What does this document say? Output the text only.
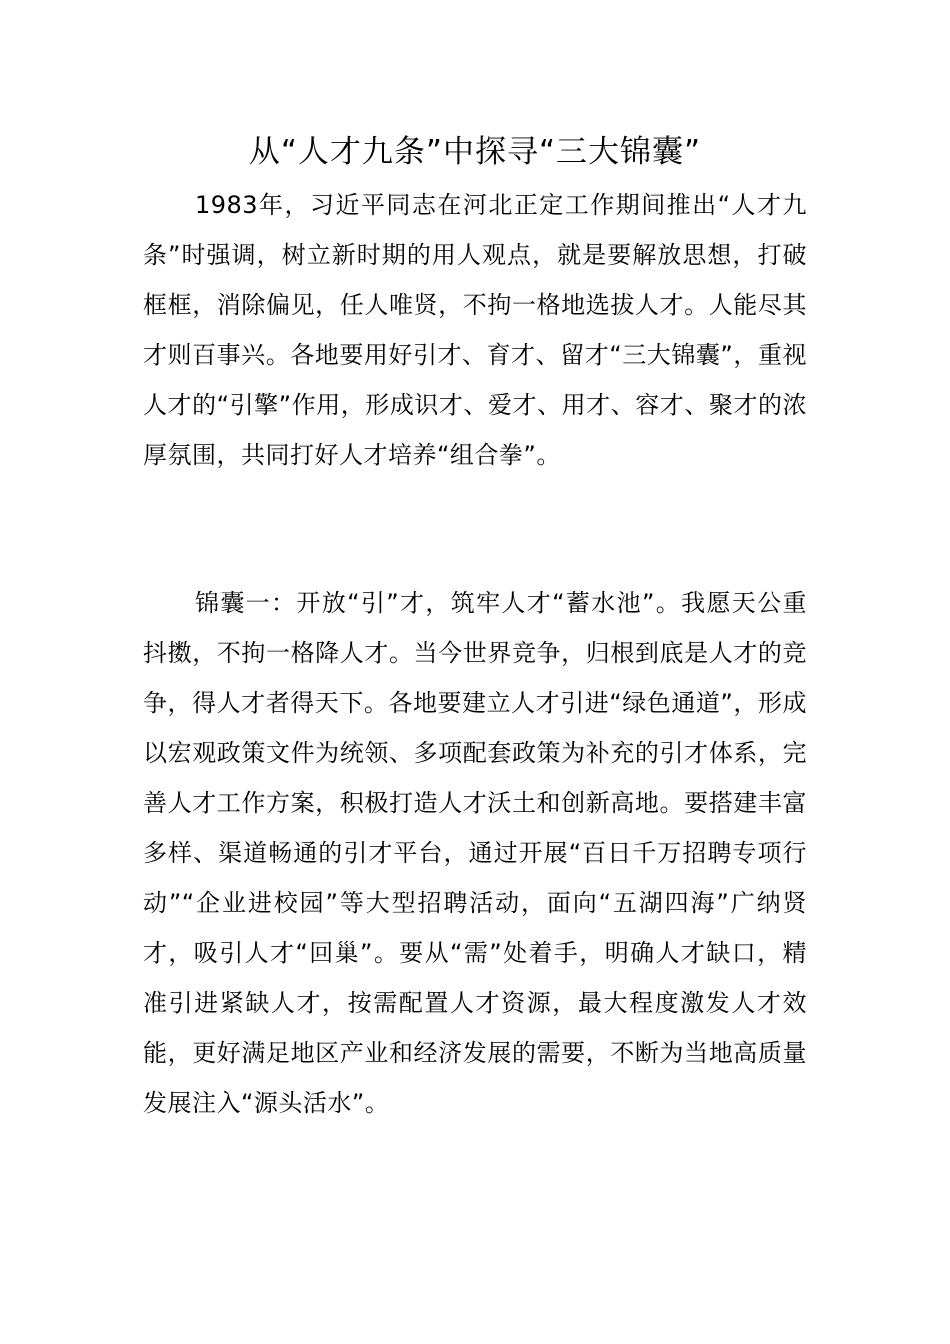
从“人才九条”中探寻“三大锦囊”

1983年，习近平同志在河北正定工作期间推出“人才九条”时强调，树立新时期的用人观点，就是要解放思想，打破框框，消除偏见，任人唯贤，不拘一格地选拔人才。人能尽其才则百事兴。各地要用好引才、育才、留才“三大锦囊”，重视人才的“引擎”作用，形成识才、爱才、用才、容才、聚才的浓厚氛围，共同打好人才培养“组合拳”。

锦囊一：开放“引”才，筑牢人才“蓄水池”。我愿天公重抖擞，不拘一格降人才。当今世界竞争，归根到底是人才的竞争，得人才者得天下。各地要建立人才引进“绿色通道”，形成以宏观政策文件为统领、多项配套政策为补充的引才体系，完善人才工作方案，积极打造人才沃土和创新高地。要搭建丰富多样、渠道畅通的引才平台，通过开展“百日千万招聘专项行动”“企业进校园”等大型招聘活动，面向“五湖四海”广纳贤才，吸引人才“回巢”。要从“需”处着手，明确人才缺口，精准引进紧缺人才，按需配置人才资源，最大程度激发人才效能，更好满足地区产业和经济发展的需要，不断为当地高质量发展注入“源头活水”。
